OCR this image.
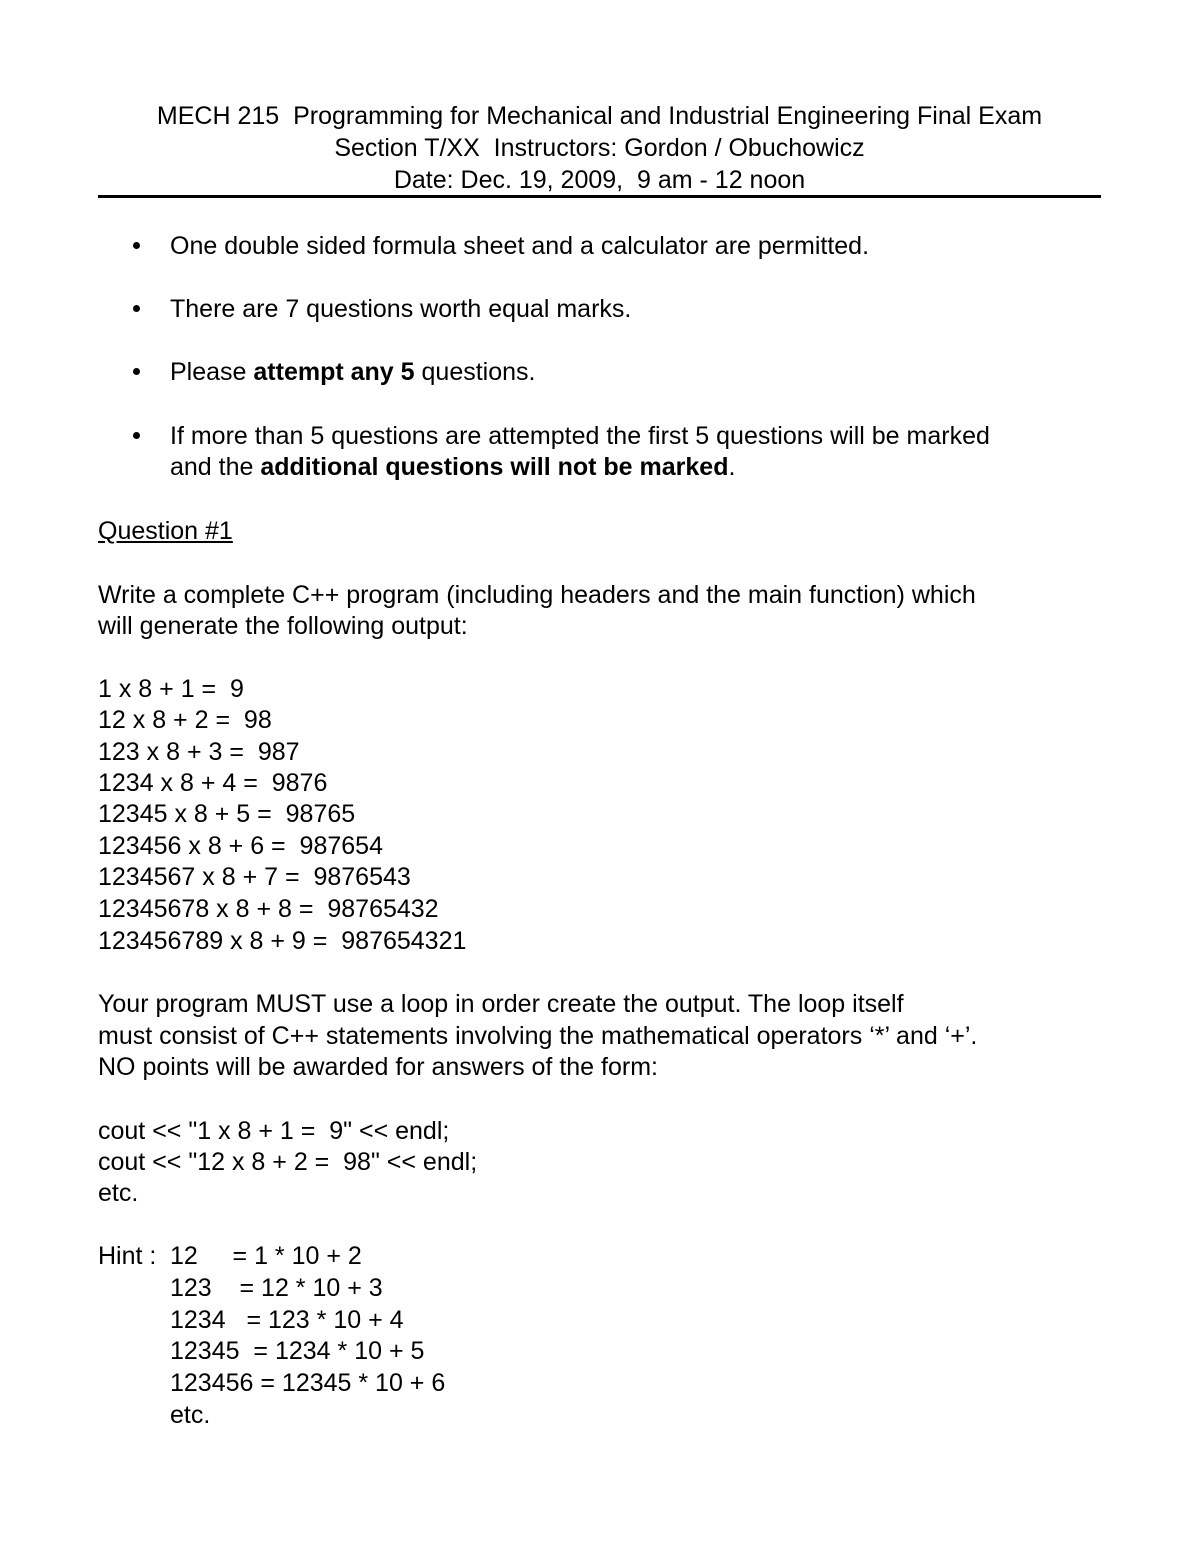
MECH 215  Programming for Mechanical and Industrial Engineering Final Exam
Section T/XX  Instructors: Gordon / Obuchowicz
Date: Dec. 19, 2009,  9 am - 12 noon
One double sided formula sheet and a calculator are permitted.
There are 7 questions worth equal marks.
Please attempt any 5 questions.
If more than 5 questions are attempted the first 5 questions will be marked
and the additional questions will not be marked.
Question #1
Write a complete C++ program (including headers and the main function) which
will generate the following output:
1 x 8 + 1 =  9
12 x 8 + 2 =  98
123 x 8 + 3 =  987
1234 x 8 + 4 =  9876
12345 x 8 + 5 =  98765
123456 x 8 + 6 =  987654
1234567 x 8 + 7 =  9876543
12345678 x 8 + 8 =  98765432
123456789 x 8 + 9 =  987654321
Your program MUST use a loop in order create the output. The loop itself
must consist of C++ statements involving the mathematical operators ‘*’ and ‘+’.
NO points will be awarded for answers of the form:
cout << "1 x 8 + 1 =  9" << endl;
cout << "12 x 8 + 2 =  98" << endl;
etc.
Hint : 12     = 1 * 10 + 2
123    = 12 * 10 + 3
1234   = 123 * 10 + 4
12345  = 1234 * 10 + 5
123456 = 12345 * 10 + 6
etc.
